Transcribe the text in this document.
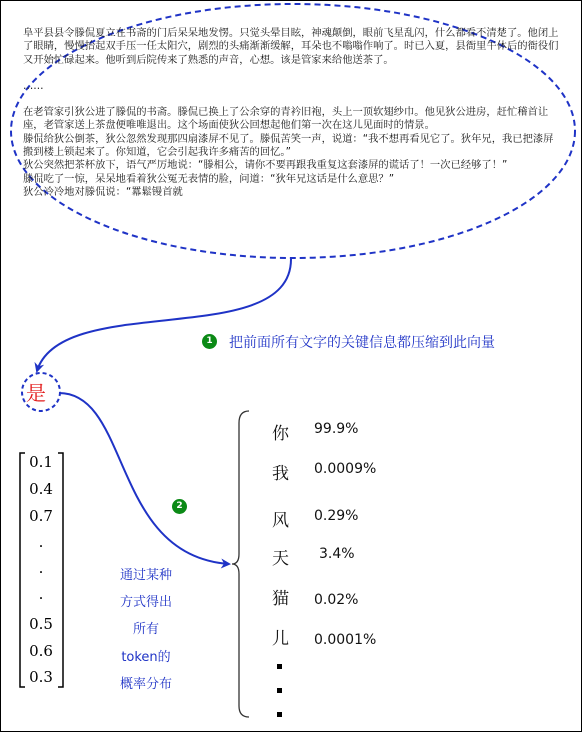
阜平县县令滕侃夏立在书斋的门后呆呆地发愣。只觉头晕目眩，神魂颠倒，眼前飞星乱闪，什么都看不清楚了。他闭上了眼睛，慢慢抬起双手压一任太阳穴，剧烈的头痛渐渐缓解，耳朵也不嗡嗡作响了。时已入夏，县衙里午休后的衙役们又开始忙碌起来。他听到后院传来了熟悉的声音，心想。该是管家来给他送茶了。

……

在老管家引狄公进了滕侃的书斋。滕侃已换上了公余穿的青衿旧袍，头上一顶软翅纱巾。他见狄公进房，赶忙稽首让座，老管家送上茶盘便唯唯退出。这个场面使狄公回想起他们第一次在这儿见面时的情景。

滕侃给狄公倒茶，狄公忽然发现那四扇漆屏不见了。滕侃苦笑一声，说道：“我不想再看见它了。狄年兄，我已把漆屏搬到楼上锁起来了。你知道，它会引起我许多痛苦的回忆。”

狄公突然把茶杯放下，语气严厉地说：“滕相公，请你不要再跟我重复这套漆屏的谎话了！一次已经够了！”

滕侃吃了一惊，呆呆地看着狄公冤无表情的脸，问道：“狄年兄这话是什么意思？”

狄公冷冷地对滕侃说：“羃鬆镘首就

1	把前面所有文字的关键信息都压缩到此向量
是
2
0.1
0.4
0.7
.
.
.
0.5
0.6
0.3
通过某种
方式得出
所有
token的
概率分布
你 99.9%
我 0.0009%
风 0.29%
天 3.4%
猫 0.02%
儿 0.0001%
